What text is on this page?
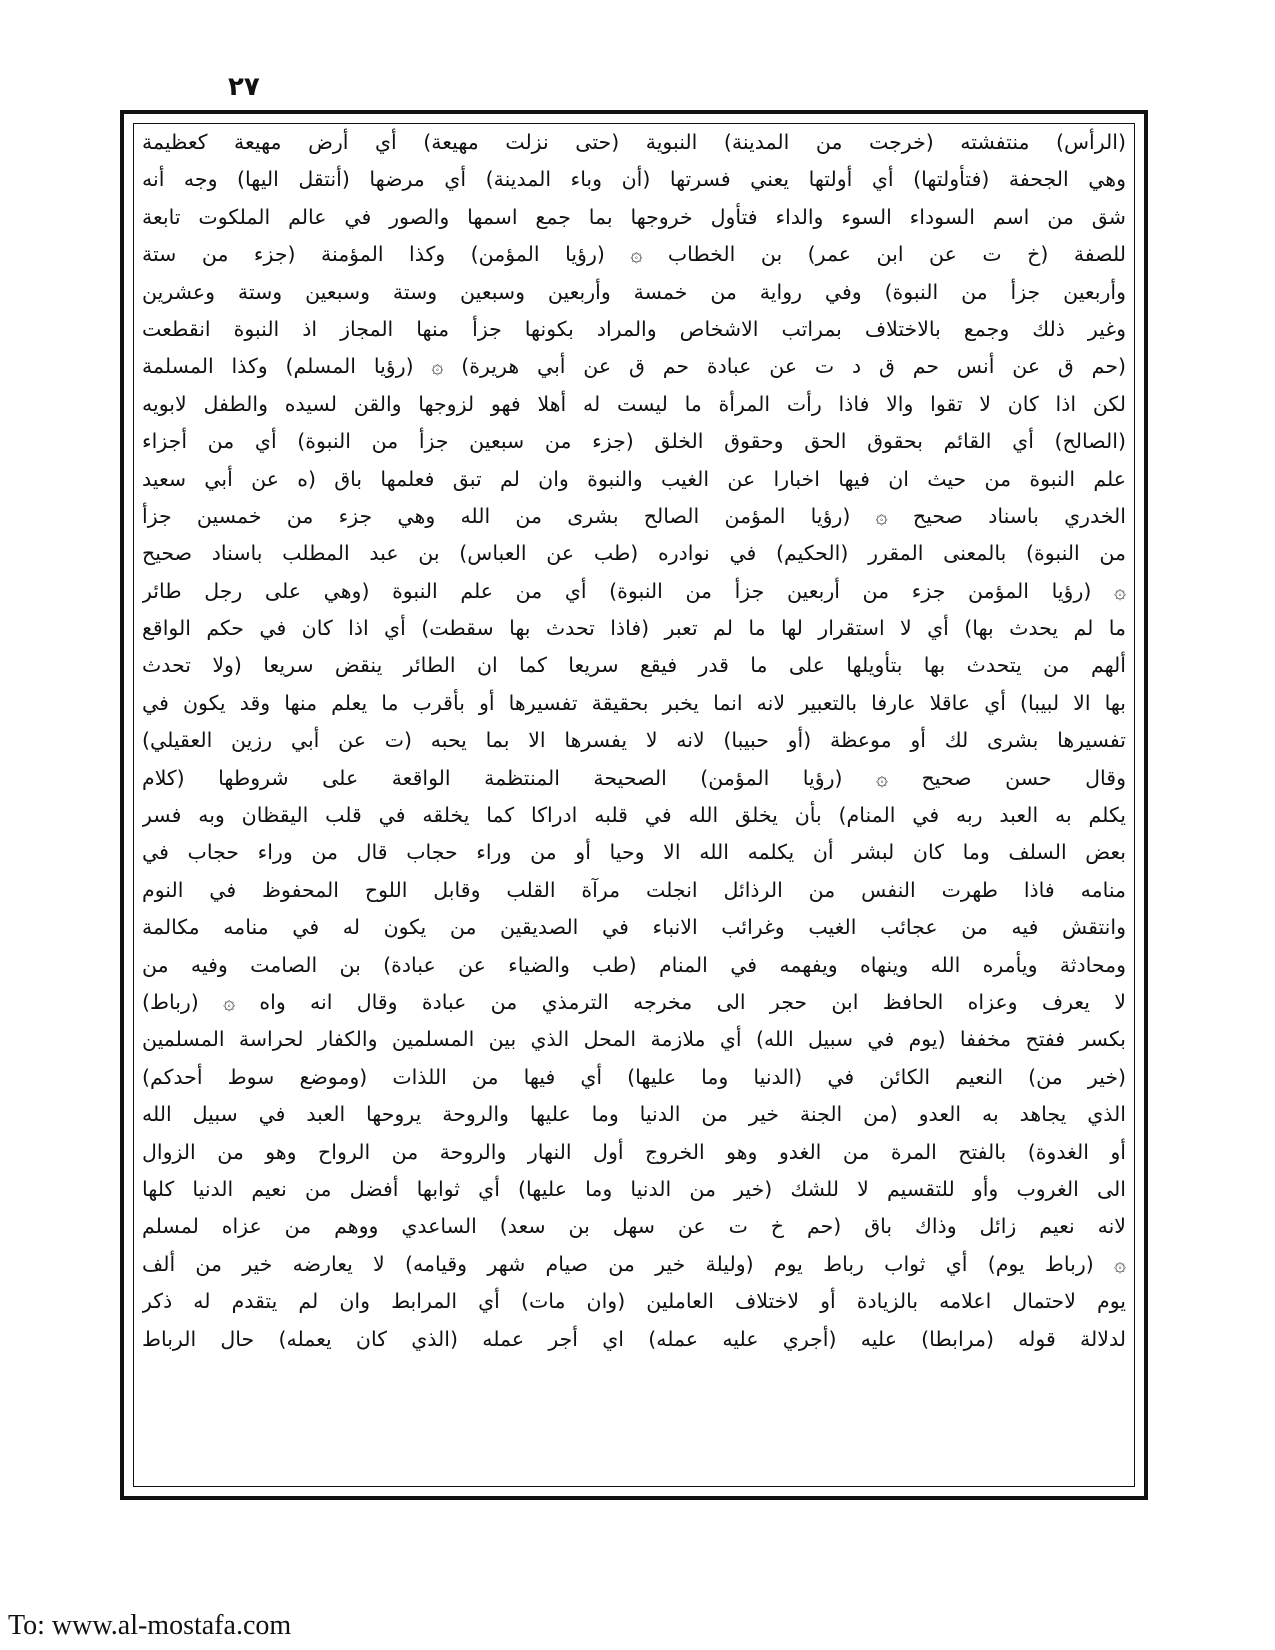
٢٧
(الرأس) منتفشته (خرجت من المدينة) النبوية (حتى نزلت مهيعة) أي أرض مهيعة كعظيمة
وهي الجحفة (فتأولتها) أي أولتها يعني فسرتها (أن وباء المدينة) أي مرضها (أنتقل اليها) وجه أنه
شق من اسم السوداء السوء والداء فتأول خروجها بما جمع اسمها والصور في عالم الملكوت تابعة
للصفة (خ ت عن ابن عمر) بن الخطاب ۞ (رؤيا المؤمن) وكذا المؤمنة (جزء من ستة
وأربعين جزأ من النبوة) وفي رواية من خمسة وأربعين وسبعين وستة وسبعين وستة وعشرين
وغير ذلك وجمع بالاختلاف بمراتب الاشخاص والمراد بكونها جزأ منها المجاز اذ النبوة انقطعت
(حم ق عن أنس حم ق د ت عن عبادة حم ق عن أبي هريرة) ۞ (رؤيا المسلم) وكذا المسلمة
لكن اذا كان لا تقوا والا فاذا رأت المرأة ما ليست له أهلا فهو لزوجها والقن لسيده والطفل لابويه
(الصالح) أي القائم بحقوق الحق وحقوق الخلق (جزء من سبعين جزأ من النبوة) أي من أجزاء
علم النبوة من حيث ان فيها اخبارا عن الغيب والنبوة وان لم تبق فعلمها باق (ه عن أبي سعيد
الخدري باسناد صحيح ۞ (رؤيا المؤمن الصالح بشرى من الله وهي جزء من خمسين جزأ
من النبوة) بالمعنى المقرر (الحكيم) في نوادره (طب عن العباس) بن عبد المطلب باسناد صحيح
۞ (رؤيا المؤمن جزء من أربعين جزأ من النبوة) أي من علم النبوة (وهي على رجل طائر
ما لم يحدث بها) أي لا استقرار لها ما لم تعبر (فاذا تحدث بها سقطت) أي اذا كان في حكم الواقع
ألهم من يتحدث بها بتأويلها على ما قدر فيقع سريعا كما ان الطائر ينقض سريعا (ولا تحدث
بها الا لبيبا) أي عاقلا عارفا بالتعبير لانه انما يخبر بحقيقة تفسيرها أو بأقرب ما يعلم منها وقد يكون في
تفسيرها بشرى لك أو موعظة (أو حبيبا) لانه لا يفسرها الا بما يحبه (ت عن أبي رزين العقيلي)
وقال حسن صحيح ۞ (رؤيا المؤمن) الصحيحة المنتظمة الواقعة على شروطها (كلام
يكلم به العبد ربه في المنام) بأن يخلق الله في قلبه ادراكا كما يخلقه في قلب اليقظان وبه فسر
بعض السلف وما كان لبشر أن يكلمه الله الا وحيا أو من وراء حجاب قال من وراء حجاب في
منامه فاذا طهرت النفس من الرذائل انجلت مرآة القلب وقابل اللوح المحفوظ في النوم
وانتقش فيه من عجائب الغيب وغرائب الانباء في الصديقين من يكون له في منامه مكالمة
ومحادثة ويأمره الله وينهاه ويفهمه في المنام (طب والضياء عن عبادة) بن الصامت وفيه من
لا يعرف وعزاه الحافظ ابن حجر الى مخرجه الترمذي من عبادة وقال انه واه ۞ (رباط)
بكسر ففتح مخففا (يوم في سبيل الله) أي ملازمة المحل الذي بين المسلمين والكفار لحراسة المسلمين
(خير من) النعيم الكائن في (الدنيا وما عليها) أي فيها من اللذات (وموضع سوط أحدكم)
الذي يجاهد به العدو (من الجنة خير من الدنيا وما عليها والروحة يروحها العبد في سبيل الله
أو الغدوة) بالفتح المرة من الغدو وهو الخروج أول النهار والروحة من الرواح وهو من الزوال
الى الغروب وأو للتقسيم لا للشك (خير من الدنيا وما عليها) أي ثوابها أفضل من نعيم الدنيا كلها
لانه نعيم زائل وذاك باق (حم خ ت عن سهل بن سعد) الساعدي ووهم من عزاه لمسلم
۞ (رباط يوم) أي ثواب رباط يوم (وليلة خير من صيام شهر وقيامه) لا يعارضه خير من ألف
يوم لاحتمال اعلامه بالزيادة أو لاختلاف العاملين (وان مات) أي المرابط وان لم يتقدم له ذكر
لدلالة قوله (مرابطا) عليه (أجري عليه عمله) اي أجر عمله (الذي كان يعمله) حال الرباط
To: www.al-mostafa.com
